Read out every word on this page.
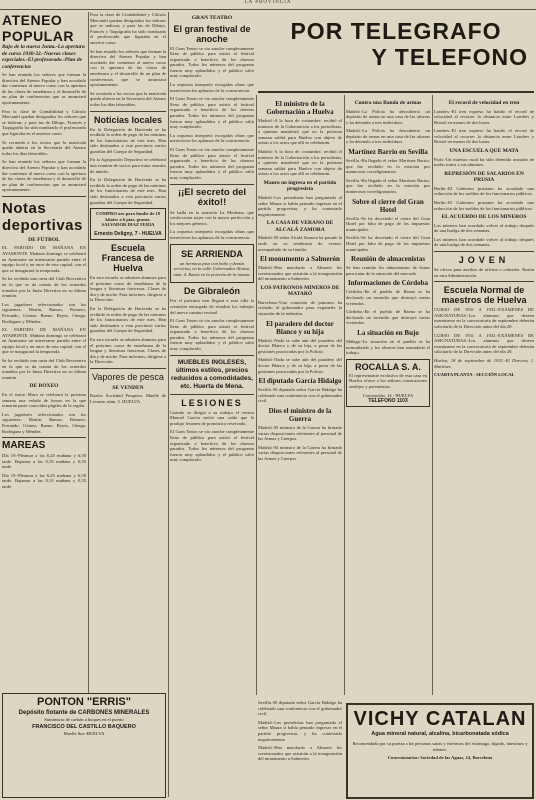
LA PROVINCIA
ATENEO POPULAR
Bajo de la nueva Junta.-La apertura de curso 1930-32.-Nuevas clases especiales.-El profesorado.-Plan de conferencias
Se han reunido los señores que forman la directiva del Ateneo Popular y han acordado dar comienzo al nuevo curso con la apertura de las clases de enseñanza y el desarrollo de un plan de conferencias que se anunciará oportunamente.
Para la clase de Contabilidad y Cálculo Mercantil quedan designados los señores que se indican; y para las de Dibujo, Francés y Taquigrafía ha sido nombrado el profesorado que figuraba en el anterior curso.
Se recuerda a los socios que la matrícula queda abierta en la Secretaría del Ateneo todos los días laborables.
Se han reunido los señores que forman la directiva del Ateneo Popular y han acordado dar comienzo al nuevo curso con la apertura de las clases de enseñanza y el desarrollo de un plan de conferencias que se anunciará oportunamente.
Notas deportivas
DE FÚTBOL
EL PARTIDO DE MAÑANA EN AYAMONTE. Mañana domingo se celebrará en Ayamonte un interesante partido entre el equipo local y un once de esta capital, con el que se inaugurará la temporada.
Se ha recibido una carta del Club Recreativo en la que se da cuenta de los acuerdos tomados por la Junta Directiva en su última reunión.
Los jugadores seleccionados son los siguientes: Martin, Ramos, Romero, Ferrando, Gómez, Bueno, Reyes, Ortega, Rodríguez y Méndez.
EL PARTIDO DE MAÑANA EN AYAMONTE. Mañana domingo se celebrará en Ayamonte un interesante partido entre el equipo local y un once de esta capital, con el que se inaugurará la temporada.
Se ha recibido una carta del Club Recreativo en la que se da cuenta de los acuerdos tomados por la Junta Directiva en su última reunión.
DE BOXEO
En el teatro Mora se celebrará la próxima semana una velada de boxeo en la que tomarán parte conocidos púgiles de la región.
Los jugadores seleccionados son los siguientes: Martin, Ramos, Romero, Ferrando, Gómez, Bueno, Reyes, Ortega, Rodríguez y Méndez.
MAREAS
Día 19.-Pleamar a las 6,25 mañana y 6,50 tarde. Bajamar a las 0,10 mañana y 0,35 tarde.
Día 19.-Pleamar a las 6,25 mañana y 6,50 tarde. Bajamar a las 0,10 mañana y 0,35 tarde.
PONTON "ERRIS"
Depósito flotante de CARBONES MINERALES
Suministro de carbón a buques en el puerto
FRANCISCO DEL CASTILLO BAQUERO
Muelle Sur.-HUELVA
Para la clase de Contabilidad y Cálculo Mercantil quedan designados los señores que se indican; y para las de Dibujo, Francés y Taquigrafía ha sido nombrado el profesorado que figuraba en el anterior curso.
Se han reunido los señores que forman la directiva del Ateneo Popular y han acordado dar comienzo al nuevo curso con la apertura de las clases de enseñanza y el desarrollo de un plan de conferencias que se anunciará oportunamente.
Se recuerda a los socios que la matrícula queda abierta en la Secretaría del Ateneo todos los días laborables.
Noticias locales
En la Delegación de Hacienda se ha recibido la orden de pago de las nóminas de los funcionarios de este mes. Han sido destinados a esta provincia varios guardias del Cuerpo de Seguridad.
En la Agrupación Deportiva se celebrará una reunión de socios para tratar asuntos de interés.
En la Delegación de Hacienda se ha recibido la orden de pago de las nóminas de los funcionarios de este mes. Han sido destinados a esta provincia varios guardias del Cuerpo de Seguridad.
COMPRO oro para fundir de 18 kilates a 6 ptas. gramo. SALVADOR DIAZ FERIA
Ernesto Deligny, 7 - HUELVA
Escuela Francesa de Huelva
En esta escuela se admiten alumnos para el próximo curso de enseñanza de la lengua y literatura francesas. Clases de día y de noche. Para informes, dirigirse a la Dirección.
En la Delegación de Hacienda se ha recibido la orden de pago de las nóminas de los funcionarios de este mes. Han sido destinados a esta provincia varios guardias del Cuerpo de Seguridad.
En esta escuela se admiten alumnos para el próximo curso de enseñanza de la lengua y literatura francesas. Clases de día y de noche. Para informes, dirigirse a la Dirección.
Vapores de pesca
SE VENDEN
Razón: Sociedad Pesquera. Muelle de Levante, núm. 5. HUELVA.
GRAN TEATRO
El gran festival de anoche
El Gran Teatro se vio anoche completamente lleno de público para asistir al festival organizado a beneficio de los obreros parados. Todos los números del programa fueron muy aplaudidos y el público salió muy complacido.
La orquesta interpretó escogidas obras que merecieron los aplausos de la concurrencia.
El Gran Teatro se vio anoche completamente lleno de público para asistir al festival organizado a beneficio de los obreros parados. Todos los números del programa fueron muy aplaudidos y el público salió muy complacido.
La orquesta interpretó escogidas obras que merecieron los aplausos de la concurrencia.
El Gran Teatro se vio anoche completamente lleno de público para asistir al festival organizado a beneficio de los obreros parados. Todos los números del programa fueron muy aplaudidos y el público salió muy complacido.
¡¡El secreto del éxito!!
Se halla en la sastrería La Moderna, que confecciona trajes con la mayor perfección y los mejores géneros.
La orquesta interpretó escogidas obras que merecieron los aplausos de la concurrencia.
SE ARRIENDA
un hermoso piso con baño y demás servicios, en la calle Gobernador Alonso, núm. 4. Razón en la portería de la misma.
De Gibraleón
Por el próximo tren llegará a esta villa la comisión encargada de estudiar los trabajos del nuevo camino vecinal.
El Gran Teatro se vio anoche completamente lleno de público para asistir al festival organizado a beneficio de los obreros parados. Todos los números del programa fueron muy aplaudidos y el público salió muy complacido.
MUEBLES INGLESES, últimos estilos, precios reducidos a comodidades, etc. Huerta de Mena.
LESIONES
Cuando se dirigía a su trabajo el vecino Manuel García sufrió una caída que le produjo lesiones de pronóstico reservado.
El Gran Teatro se vio anoche completamente lleno de público para asistir al festival organizado a beneficio de los obreros parados. Todos los números del programa fueron muy aplaudidos y el público salió muy complacido.
POR TELEGRAFO
Y TELEFONO
El ministro de la Gobernación a Huelva
Madrid.-A la hora de costumbre, recibió el ministro de la Gobernación a los periodistas, a quienes manifestó que en la próxima semana saldrá para Huelva con objeto de asistir a los actos que allí se celebrarán.
Madrid.-A la hora de costumbre, recibió el ministro de la Gobernación a los periodistas, a quienes manifestó que en la próxima semana saldrá para Huelva con objeto de asistir a los actos que allí se celebrarán.
Mauro no ingresa en el partido progresista
Madrid.-Los periodistas han preguntado al señor Maura si había pensado ingresar en el partido progresista, y ha contestado negativamente.
LA CASA DE VERANO DE ALCALÁ ZAMORA
Madrid.-El señor Alcalá Zamora ha pasado la tarde en su residencia de verano, acompañado de su familia.
El monumento a Salmerón
Madrid.-Han marchado a Almería los comisionados que asistirán a la inauguración del monumento a Salmerón.
LOS PATRONOS MINEROS DE MATARÓ
Barcelona.-Una comisión de patronos ha visitado al gobernador para exponerle la situación de la industria.
El paradero del doctor Blanco y su hija
Madrid.-Nada se sabe aún del paradero del doctor Blanco y de su hija, a pesar de las gestiones practicadas por la Policía.
Madrid.-Nada se sabe aún del paradero del doctor Blanco y de su hija, a pesar de las gestiones practicadas por la Policía.
El diputado García Hidalgo
Sevilla.-El diputado señor García Hidalgo ha celebrado una conferencia con el gobernador civil.
Dios el ministro de la Guerra
Madrid.-El ministro de la Guerra ha firmado varias disposiciones referentes al personal de las Armas y Cuerpos.
Madrid.-El ministro de la Guerra ha firmado varias disposiciones referentes al personal de las Armas y Cuerpos.
Contra una Banda de armas
Madrid.-La Policía ha descubierto un depósito de armas en una casa de las afueras y ha detenido a tres individuos.
Madrid.-La Policía ha descubierto un depósito de armas en una casa de las afueras y ha detenido a tres individuos.
Martínez Barrio en Sevilla
Sevilla.-Ha llegado el señor Martínez Barrio, que fue recibido en la estación por numerosos correligionarios.
Sevilla.-Ha llegado el señor Martínez Barrio, que fue recibido en la estación por numerosos correligionarios.
Sobre el cierre del Gran Hotel
Sevilla.-Se ha decretado el cierre del Gran Hotel por falta de pago de los impuestos municipales.
Sevilla.-Se ha decretado el cierre del Gran Hotel por falta de pago de los impuestos municipales.
Reunión de almacenistas
Se han reunido los almacenistas de frutos para tratar de la situación del mercado.
Informaciones de Córdoba
Córdoba.-En el pueblo de Baena se ha declarado un incendio que destruyó varias viviendas.
Córdoba.-En el pueblo de Baena se ha declarado un incendio que destruyó varias viviendas.
La situación en Bujo
Málaga.-La situación en el pueblo se ha normalizado y los obreros han reanudado el trabajo.
ROCALLA S. A.
El representante exclusivo de esta casa en Huelva ofrece a los señores constructores azulejos y pavimentos.
Concepción, 14 - HUELVA
TELEFONO 1103
El record de velocidad en tren
Londres.-El tren expreso ha batido el record de velocidad al recorrer la distancia entre Londres y Bristol en menos de dos horas.
Londres.-El tren expreso ha batido el record de velocidad al recorrer la distancia entre Londres y Bristol en menos de dos horas.
UNA ESCUELA QUE MATA
París.-Un maestro rural ha sido detenido acusado de malos tratos a sus alumnos.
REPRESIÓN DE SALARIOS EN PRUSIA
Berlín.-El Gobierno prusiano ha acordado una reducción de los sueldos de los funcionarios públicos.
Berlín.-El Gobierno prusiano ha acordado una reducción de los sueldos de los funcionarios públicos.
EL ACUERDO DE LOS MINEROS
Los mineros han acordado volver al trabajo después de una huelga de dos semanas.
Los mineros han acordado volver al trabajo después de una huelga de dos semanas.
JOVEN
Se ofrece para auxiliar de oficina o cobrador. Razón en esta Administración.
Escuela Normal de maestros de Huelva
CURSO DE 1931 A 1932.-EXÁMENES DE ASIGNATURAS.-Los alumnos que deseen examinarse en la convocatoria de septiembre deberán solicitarlo de la Dirección antes del día 20.
CURSO DE 1931 A 1932.-EXÁMENES DE ASIGNATURAS.-Los alumnos que deseen examinarse en la convocatoria de septiembre deberán solicitarlo de la Dirección antes del día 20.
Huelva, 18 de septiembre de 1931.-El Director, J. Martínez.
CUARTA PLANTA - SECCIÓN LOCAL
VICHY CATALAN
Agua mineral natural, alcalina, bicarbonatada sódica
Recomendada por su pureza a las personas sanas y enfermos del estómago, hígado, intestinos y riñones.
Concesionarios: Sociedad de las Aguas, 14, Barcelona
Sevilla.-El diputado señor García Hidalgo ha celebrado una conferencia con el gobernador civil.
Madrid.-Los periodistas han preguntado al señor Maura si había pensado ingresar en el partido progresista, y ha contestado negativamente.
Madrid.-Han marchado a Almería los comisionados que asistirán a la inauguración del monumento a Salmerón.
